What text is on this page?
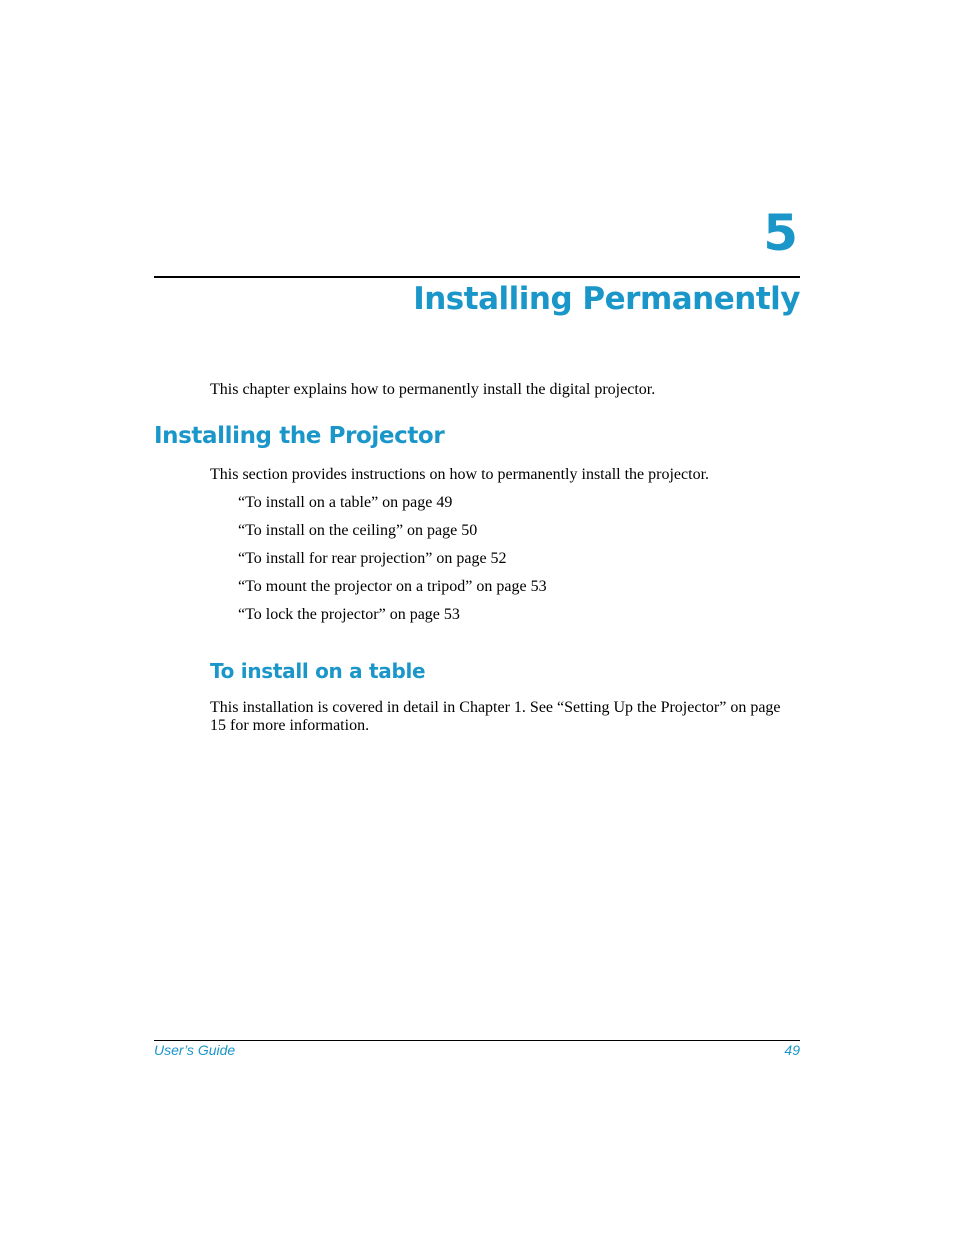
5
Installing Permanently
This chapter explains how to permanently install the digital projector.
Installing the Projector
This section provides instructions on how to permanently install the projector.
“To install on a table” on page 49
“To install on the ceiling” on page 50
“To install for rear projection” on page 52
“To mount the projector on a tripod” on page 53
“To lock the projector” on page 53
To install on a table
This installation is covered in detail in Chapter 1. See “Setting Up the Projector” on page 15 for more information.
User’s Guide	49
